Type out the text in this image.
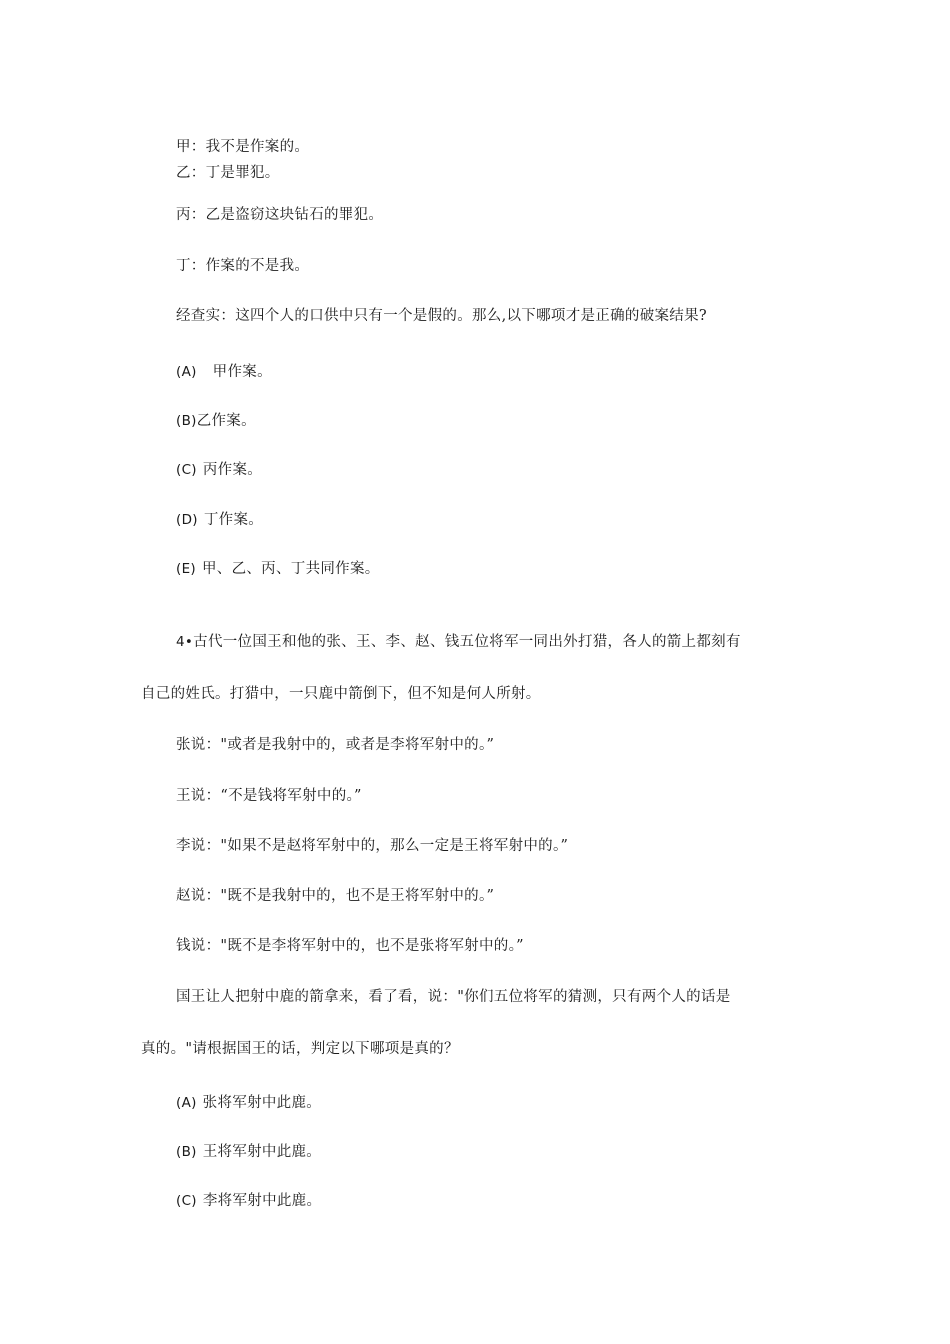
甲：我不是作案的。
乙：丁是罪犯。
丙：乙是盗窃这块钻石的罪犯。
丁：作案的不是我。
经查实：这四个人的口供中只有一个是假的。那么,以下哪项才是正确的破案结果?
(A) 甲作案。
(B)乙作案。
(C) 丙作案。
(D) 丁作案。
(E) 甲、乙、丙、丁共同作案。
4•古代一位国王和他的张、王、李、赵、钱五位将军一同出外打猎，各人的箭上都刻有
自己的姓氏。打猎中，一只鹿中箭倒下，但不知是何人所射。
张说："或者是我射中的，或者是李将军射中的。”
王说：“不是钱将军射中的。”
李说："如果不是赵将军射中的，那么一定是王将军射中的。”
赵说："既不是我射中的，也不是王将军射中的。”
钱说："既不是李将军射中的，也不是张将军射中的。”
国王让人把射中鹿的箭拿来，看了看，说："你们五位将军的猜测，只有两个人的话是
真的。"请根据国王的话，判定以下哪项是真的？
(A) 张将军射中此鹿。
(B) 王将军射中此鹿。
(C) 李将军射中此鹿。
